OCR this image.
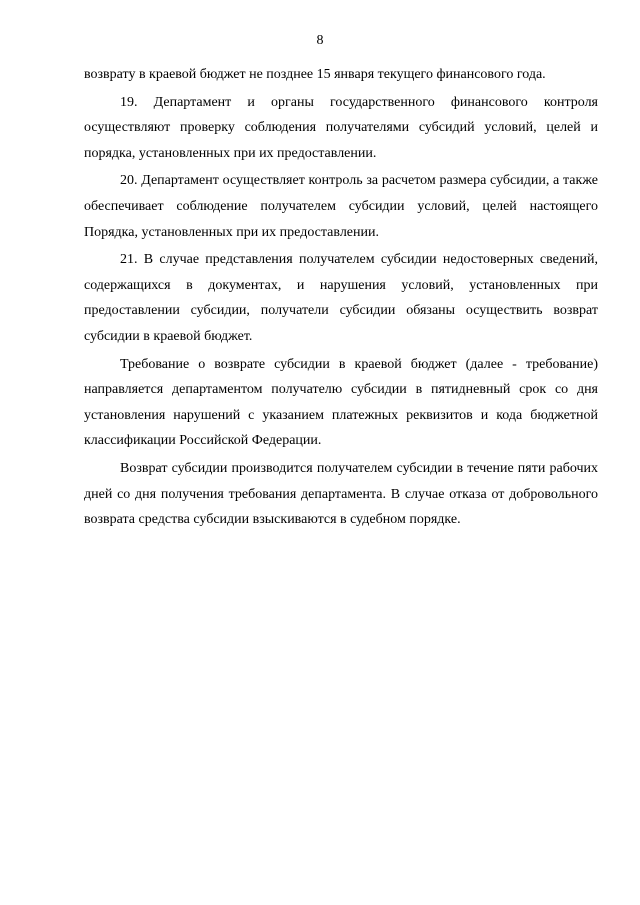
8

возврату в краевой бюджет не позднее 15 января текущего финансового года.

19. Департамент и органы государственного финансового контроля осуществляют проверку соблюдения получателями субсидий условий, целей и порядка, установленных при их предоставлении.

20. Департамент осуществляет контроль за расчетом размера субсидии, а также обеспечивает соблюдение получателем субсидии условий, целей настоящего Порядка, установленных при их предоставлении.

21. В случае представления получателем субсидии недостоверных сведений, содержащихся в документах, и нарушения условий, установленных при предоставлении субсидии, получатели субсидии обязаны осуществить возврат субсидии в краевой бюджет.

Требование о возврате субсидии в краевой бюджет (далее - требование) направляется департаментом получателю субсидии в пятидневный срок со дня установления нарушений с указанием платежных реквизитов и кода бюджетной классификации Российской Федерации.

Возврат субсидии производится получателем субсидии в течение пяти рабочих дней со дня получения требования департамента. В случае отказа от добровольного возврата средства субсидии взыскиваются в судебном порядке.
